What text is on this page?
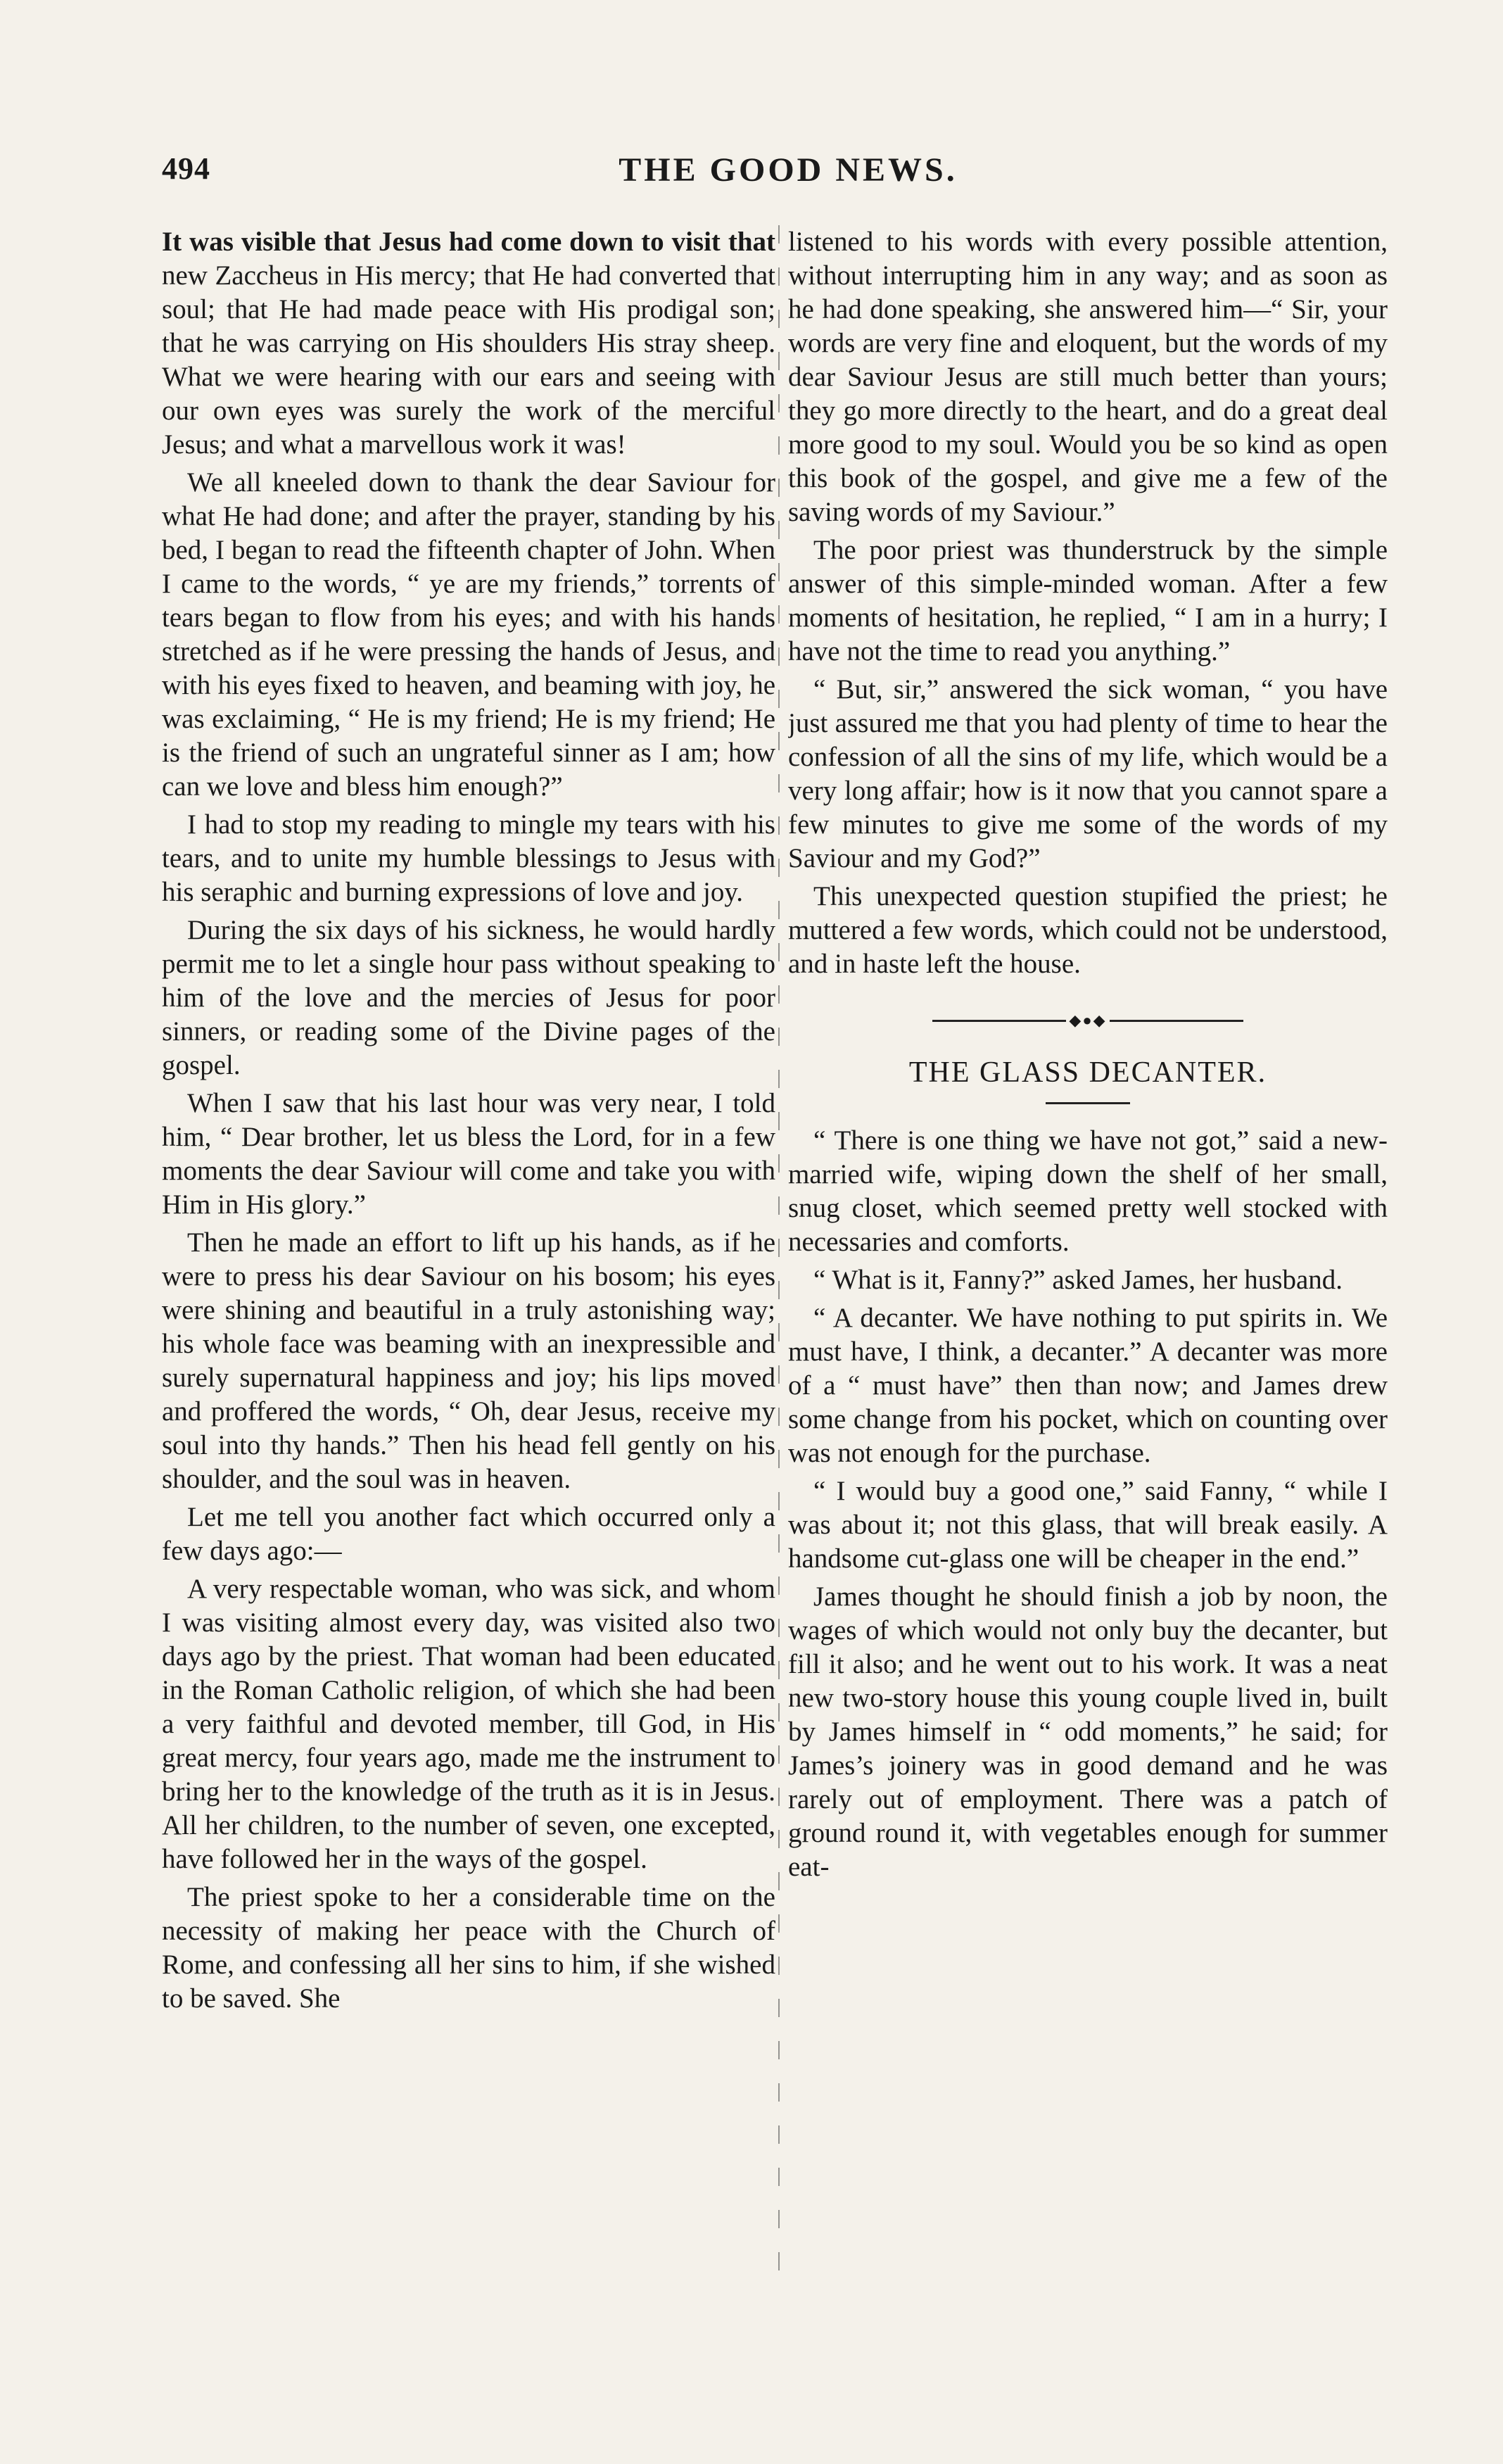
494	THE GOOD NEWS.

It was visible that Jesus had come down to visit that new Zaccheus in His mercy; that He had converted that soul; that He had made peace with His prodigal son; that he was carrying on His shoulders His stray sheep. What we were hearing with our ears and seeing with our own eyes was surely the work of the merciful Jesus; and what a marvellous work it was!

We all kneeled down to thank the dear Saviour for what He had done; and after the prayer, standing by his bed, I began to read the fifteenth chapter of John. When I came to the words, “ ye are my friends,” torrents of tears began to flow from his eyes; and with his hands stretched as if he were pressing the hands of Jesus, and with his eyes fixed to heaven, and beaming with joy, he was exclaiming, “ He is my friend; He is my friend; He is the friend of such an ungrateful sinner as I am; how can we love and bless him enough?”

I had to stop my reading to mingle my tears with his tears, and to unite my humble blessings to Jesus with his seraphic and burning expressions of love and joy.

During the six days of his sickness, he would hardly permit me to let a single hour pass without speaking to him of the love and the mercies of Jesus for poor sinners, or reading some of the Divine pages of the gospel.

When I saw that his last hour was very near, I told him, “ Dear brother, let us bless the Lord, for in a few moments the dear Saviour will come and take you with Him in His glory.”

Then he made an effort to lift up his hands, as if he were to press his dear Saviour on his bosom; his eyes were shining and beautiful in a truly astonishing way; his whole face was beaming with an inexpressible and surely supernatural happiness and joy; his lips moved and proffered the words, “ Oh, dear Jesus, receive my soul into thy hands.” Then his head fell gently on his shoulder, and the soul was in heaven.

Let me tell you another fact which occurred only a few days ago:—

A very respectable woman, who was sick, and whom I was visiting almost every day, was visited also two days ago by the priest. That woman had been educated in the Roman Catholic religion, of which she had been a very faithful and devoted member, till God, in His great mercy, four years ago, made me the instrument to bring her to the knowledge of the truth as it is in Jesus. All her children, to the number of seven, one excepted, have followed her in the ways of the gospel.

The priest spoke to her a considerable time on the necessity of making her peace with the Church of Rome, and confessing all her sins to him, if she wished to be saved. She

listened to his words with every possible attention, without interrupting him in any way; and as soon as he had done speaking, she answered him—“ Sir, your words are very fine and eloquent, but the words of my dear Saviour Jesus are still much better than yours; they go more directly to the heart, and do a great deal more good to my soul. Would you be so kind as open this book of the gospel, and give me a few of the saving words of my Saviour.”

The poor priest was thunderstruck by the simple answer of this simple-minded woman. After a few moments of hesitation, he replied, “ I am in a hurry; I have not the time to read you anything.”

“ But, sir,” answered the sick woman, “ you have just assured me that you had plenty of time to hear the confession of all the sins of my life, which would be a very long affair; how is it now that you cannot spare a few minutes to give me some of the words of my Saviour and my God?”

This unexpected question stupified the priest; he muttered a few words, which could not be understood, and in haste left the house.

◆●◆
THE GLASS DECANTER.

“ There is one thing we have not got,” said a new-married wife, wiping down the shelf of her small, snug closet, which seemed pretty well stocked with necessaries and comforts.

“ What is it, Fanny?” asked James, her husband.

“ A decanter. We have nothing to put spirits in. We must have, I think, a decanter.” A decanter was more of a “ must have” then than now; and James drew some change from his pocket, which on counting over was not enough for the purchase.

“ I would buy a good one,” said Fanny, “ while I was about it; not this glass, that will break easily. A handsome cut-glass one will be cheaper in the end.”

James thought he should finish a job by noon, the wages of which would not only buy the decanter, but fill it also; and he went out to his work. It was a neat new two-story house this young couple lived in, built by James himself in “ odd moments,” he said; for James’s joinery was in good demand and he was rarely out of employment. There was a patch of ground round it, with vegetables enough for summer eat-
